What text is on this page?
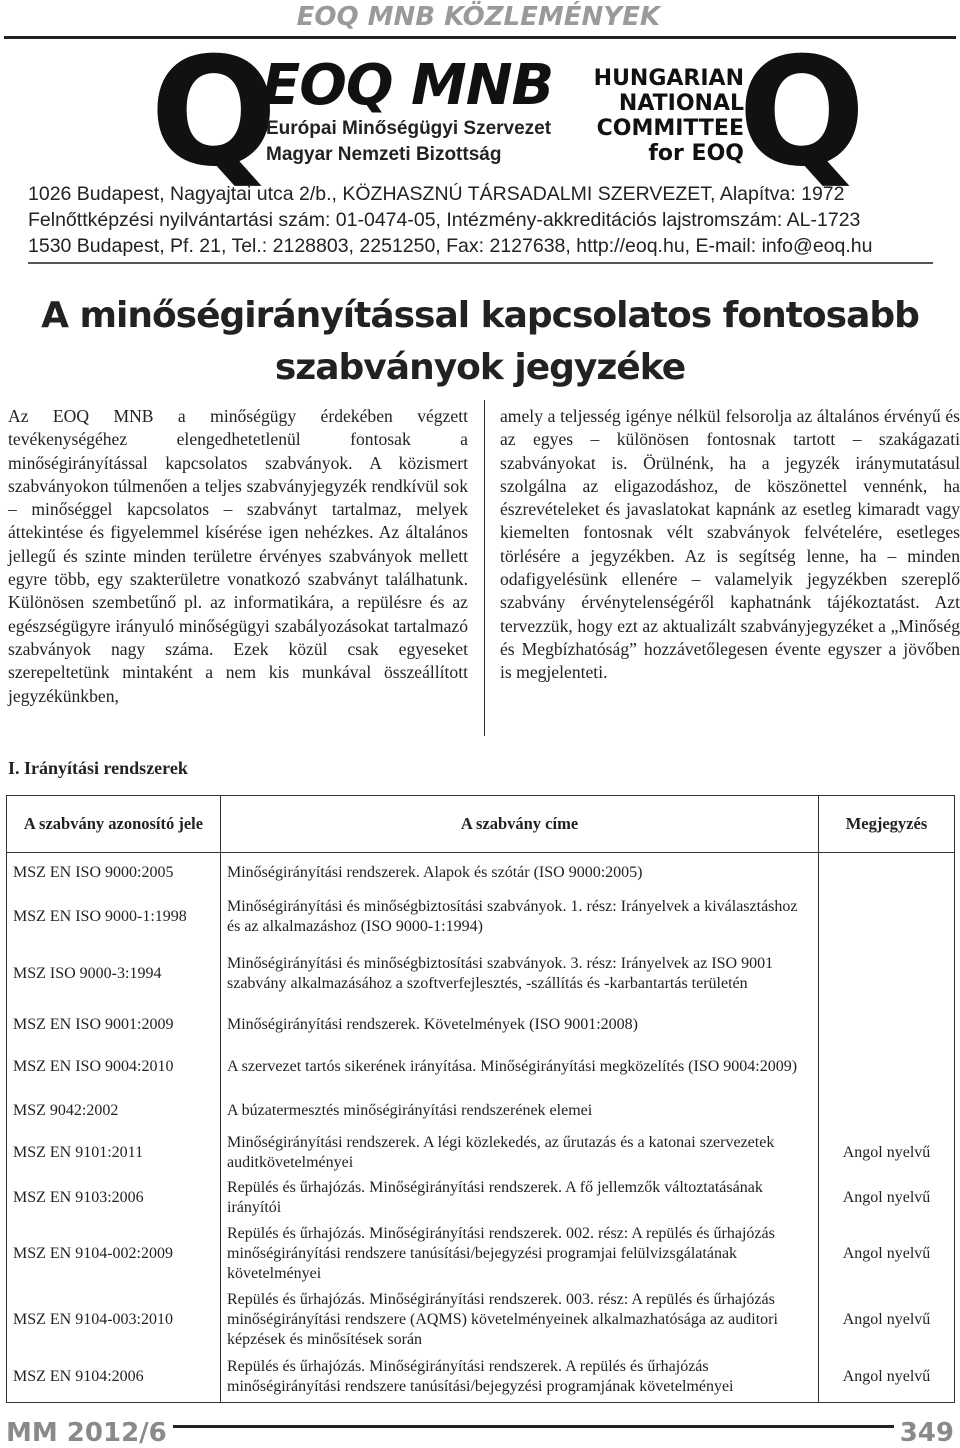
EOQ MNB KÖZLEMÉNYEK
Q
EOQ MNB
Európai Minőségügyi Szervezet
Magyar Nemzeti Bizottság
HUNGARIAN
NATIONAL
COMMITTEE
for EOQ
Q
1026 Budapest, Nagyajtai utca 2/b., KÖZHASZNÚ TÁRSADALMI SZERVEZET, Alapítva: 1972
Felnőttképzési nyilvántartási szám: 01-0474-05, Intézmény-akkreditációs lajstromszám: AL-1723
1530 Budapest, Pf. 21, Tel.: 2128803, 2251250, Fax: 2127638, http://eoq.hu, E-mail: info@eoq.hu
A minőségirányítással kapcsolatos fontosabb
szabványok jegyzéke
Az EOQ MNB a minőségügy érdekében végzett tevékenységéhez elengedhetetlenül fontosak a minőségirányítással kapcsolatos szabványok. A közismert szabványokon túlmenően a teljes szabványjegyzék rendkívül sok – minőséggel kapcsolatos – szabványt tartalmaz, melyek áttekintése és figyelemmel kísérése igen nehézkes. Az általános jellegű és szinte minden területre érvényes szabványok mellett egyre több, egy szakterületre vonatkozó szabványt találhatunk. Különösen szembetűnő pl. az informatikára, a repülésre és az egészségügyre irányuló minőségügyi szabályozásokat tartalmazó szabványok nagy száma. Ezek közül csak egyeseket szerepeltetünk mintaként a nem kis munkával összeállított jegyzékünkben,
amely a teljesség igénye nélkül felsorolja az általános érvényű és az egyes – különösen fontosnak tartott – szakágazati szabványokat is. Örülnénk, ha a jegyzék iránymutatásul szolgálna az eligazodáshoz, de köszönettel vennénk, ha észrevételeket és javaslatokat kapnánk az esetleg kimaradt vagy kiemelten fontosnak vélt szabványok felvételére, esetleges törlésére a jegyzékben. Az is segítség lenne, ha – minden odafigyelésünk ellenére – valamelyik jegyzékben szereplő szabvány érvénytelenségéről kaphatnánk tájékoztatást. Azt tervezzük, hogy ezt az aktualizált szabványjegyzéket a „Minőség és Megbízhatóság” hozzávetőlegesen évente egyszer a jövőben is megjelenteti.
I. Irányítási rendszerek
A szabvány azonosító jele	A szabvány címe	Megjegyzés
MSZ EN ISO 9000:2005	Minőségirányítási rendszerek. Alapok és szótár (ISO 9000:2005)	
MSZ EN ISO 9000-1:1998	Minőségirányítási és minőségbiztosítási szabványok. 1. rész: Irányelvek a kiválasztáshoz és az alkalmazáshoz (ISO 9000-1:1994)	
MSZ ISO 9000-3:1994	Minőségirányítási és minőségbiztosítási szabványok. 3. rész: Irányelvek az ISO 9001 szabvány alkalmazásához a szoftverfejlesztés, -szállítás és -karbantartás területén	
MSZ EN ISO 9001:2009	Minőségirányítási rendszerek. Követelmények (ISO 9001:2008)	
MSZ EN ISO 9004:2010	A szervezet tartós sikerének irányítása. Minőségirányítási megközelítés (ISO 9004:2009)	
MSZ 9042:2002	A búzatermesztés minőségirányítási rendszerének elemei	
MSZ EN 9101:2011	Minőségirányítási rendszerek. A légi közlekedés, az űrutazás és a katonai szervezetek auditkövetelményei	Angol nyelvű
MSZ EN 9103:2006	Repülés és űrhajózás. Minőségirányítási rendszerek. A fő jellemzők változtatásának irányítói	Angol nyelvű
MSZ EN 9104-002:2009	Repülés és űrhajózás. Minőségirányítási rendszerek. 002. rész: A repülés és űrhajózás minőségirányítási rendszere tanúsítási/bejegyzési programjai felülvizsgálatának követelményei	Angol nyelvű
MSZ EN 9104-003:2010	Repülés és űrhajózás. Minőségirányítási rendszerek. 003. rész: A repülés és űrhajózás minőségirányítási rendszere (AQMS) követelményeinek alkalmazhatósága az auditori képzések és minősítések során	Angol nyelvű
MSZ EN 9104:2006	Repülés és űrhajózás. Minőségirányítási rendszerek. A repülés és űrhajózás minőségirányítási rendszere tanúsítási/bejegyzési programjának követelményei	Angol nyelvű
MM 2012/6	349
